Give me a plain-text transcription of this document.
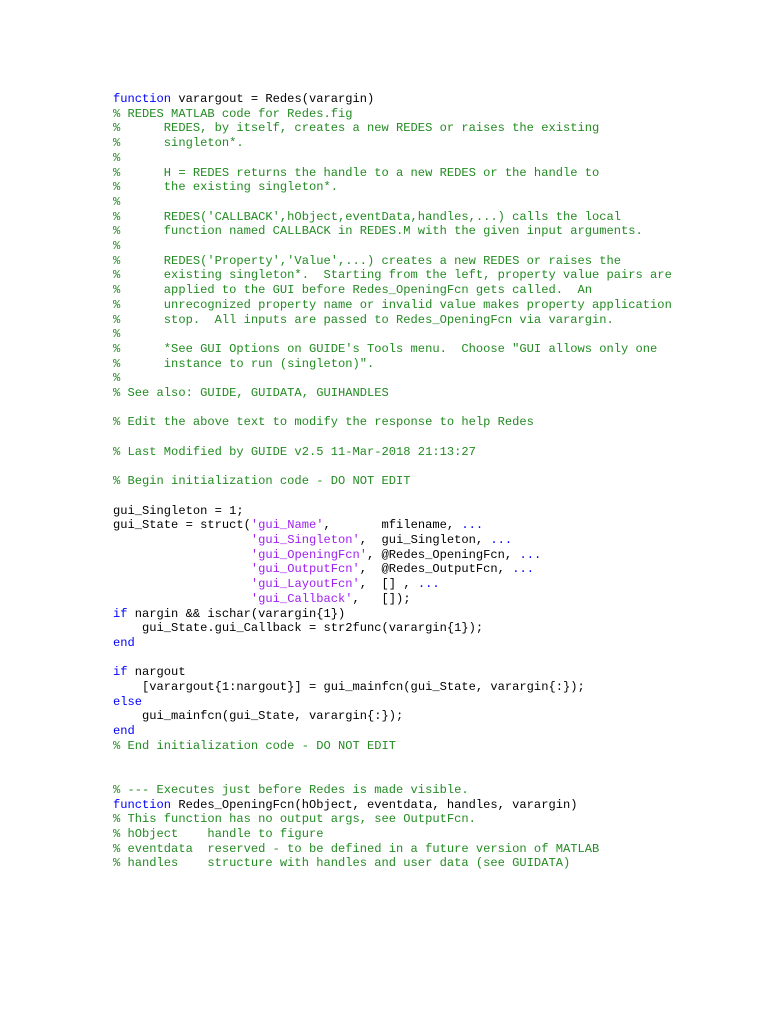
function varargout = Redes(varargin)
% REDES MATLAB code for Redes.fig
%      REDES, by itself, creates a new REDES or raises the existing
%      singleton*.
%
%      H = REDES returns the handle to a new REDES or the handle to
%      the existing singleton*.
%
%      REDES('CALLBACK',hObject,eventData,handles,...) calls the local
%      function named CALLBACK in REDES.M with the given input arguments.
%
%      REDES('Property','Value',...) creates a new REDES or raises the
%      existing singleton*.  Starting from the left, property value pairs are
%      applied to the GUI before Redes_OpeningFcn gets called.  An
%      unrecognized property name or invalid value makes property application
%      stop.  All inputs are passed to Redes_OpeningFcn via varargin.
%
%      *See GUI Options on GUIDE's Tools menu.  Choose "GUI allows only one
%      instance to run (singleton)".
%
% See also: GUIDE, GUIDATA, GUIHANDLES
% Edit the above text to modify the response to help Redes
% Last Modified by GUIDE v2.5 11-Mar-2018 21:13:27
% Begin initialization code - DO NOT EDIT
gui_Singleton = 1;
gui_State = struct('gui_Name',       mfilename, ...
'gui_Singleton',  gui_Singleton, ...
'gui_OpeningFcn', @Redes_OpeningFcn, ...
'gui_OutputFcn',  @Redes_OutputFcn, ...
'gui_LayoutFcn',  [] , ...
'gui_Callback',   []);
if nargin && ischar(varargin{1})
gui_State.gui_Callback = str2func(varargin{1});
end
if nargout
[varargout{1:nargout}] = gui_mainfcn(gui_State, varargin{:});
else
gui_mainfcn(gui_State, varargin{:});
end
% End initialization code - DO NOT EDIT
% --- Executes just before Redes is made visible.
function Redes_OpeningFcn(hObject, eventdata, handles, varargin)
% This function has no output args, see OutputFcn.
% hObject    handle to figure
% eventdata  reserved - to be defined in a future version of MATLAB
% handles    structure with handles and user data (see GUIDATA)
